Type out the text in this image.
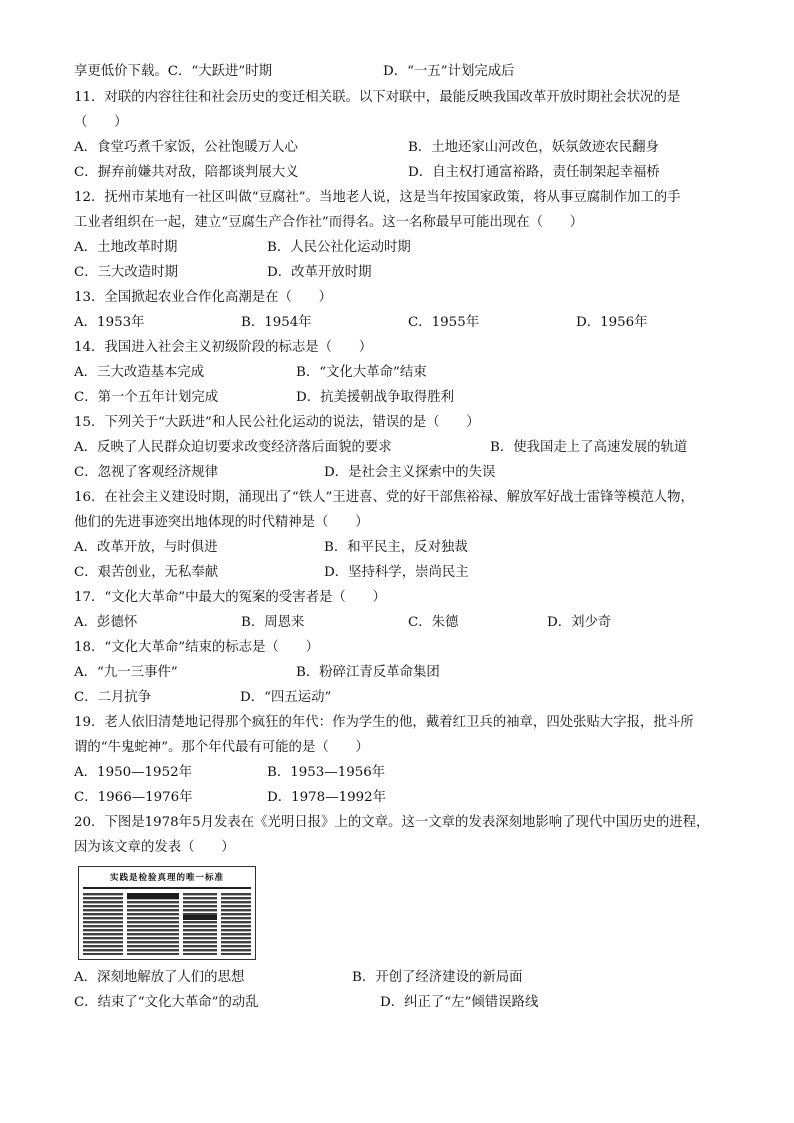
享更低价下载。C．“大跃进”时期	D．“一五”计划完成后
11．对联的内容往往和社会历史的变迁相关联。以下对联中，最能反映我国改革开放时期社会状况的是
（　　）
A．食堂巧煮千家饭，公社饱暖万人心	B．土地还家山河改色，妖氛敛迹农民翻身
C．摒弃前嫌共对敌，陪都谈判展大义	D．自主权打通富裕路，责任制架起幸福桥
12．抚州市某地有一社区叫做“豆腐社”。当地老人说，这是当年按国家政策，将从事豆腐制作加工的手
工业者组织在一起，建立“豆腐生产合作社”而得名。这一名称最早可能出现在（　　）
A．土地改革时期	B．人民公社化运动时期
C．三大改造时期	D．改革开放时期
13．全国掀起农业合作化高潮是在（　　）
A．1953年	B．1954年	C．1955年	D．1956年
14．我国进入社会主义初级阶段的标志是（　　）
A．三大改造基本完成	B．“文化大革命”结束
C．第一个五年计划完成	D．抗美援朝战争取得胜利
15．下列关于“大跃进”和人民公社化运动的说法，错误的是（　　）
A．反映了人民群众迫切要求改变经济落后面貌的要求	B．使我国走上了高速发展的轨道
C．忽视了客观经济规律	D．是社会主义探索中的失误
16．在社会主义建设时期，涌现出了“铁人”王进喜、党的好干部焦裕禄、解放军好战士雷锋等模范人物，
他们的先进事迹突出地体现的时代精神是（　　）
A．改革开放，与时俱进	B．和平民主，反对独裁
C．艰苦创业，无私奉献	D．坚持科学，崇尚民主
17．“文化大革命”中最大的冤案的受害者是（　　）
A．彭德怀	B．周恩来	C．朱德	D．刘少奇
18．“文化大革命”结束的标志是（　　）
A．“九一三事件”	B．粉碎江青反革命集团
C．二月抗争	D．“四五运动”
19．老人依旧清楚地记得那个疯狂的年代：作为学生的他，戴着红卫兵的袖章，四处张贴大字报，批斗所
谓的“牛鬼蛇神”。那个年代最有可能的是（　　）
A．1950—1952年	B．1953—1956年
C．1966—1976年	D．1978—1992年
20．下图是1978年5月发表在《光明日报》上的文章。这一文章的发表深刻地影响了现代中国历史的进程，
因为该文章的发表（　　）
实践是检验真理的唯一标准
A．深刻地解放了人们的思想	B．开创了经济建设的新局面
C．结束了“文化大革命”的动乱	D．纠正了“左”倾错误路线
